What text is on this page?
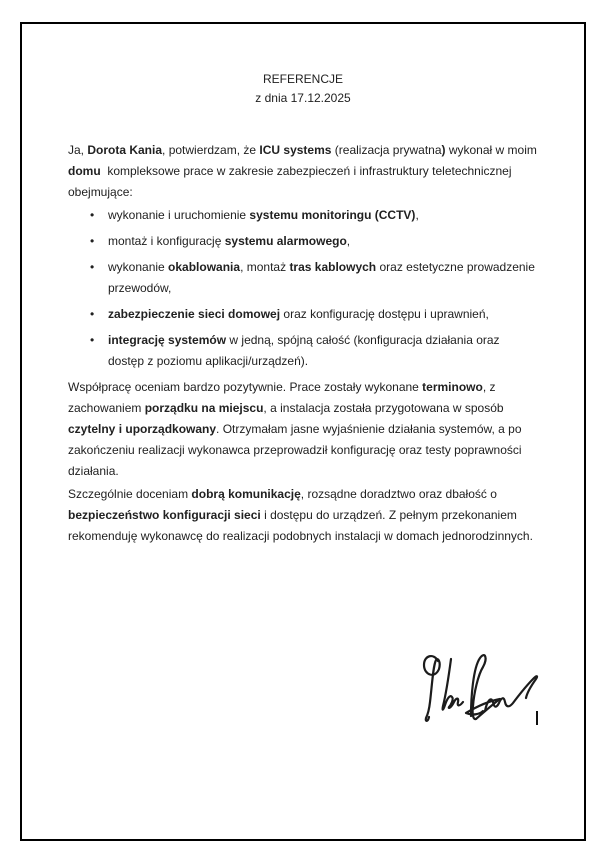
REFERENCJE
z dnia 17.12.2025

Ja, Dorota Kania, potwierdzam, że ICU systems (realizacja prywatna) wykonał w moim domu  kompleksowe prace w zakresie zabezpieczeń i infrastruktury teletechnicznej obejmujące:

• wykonanie i uruchomienie systemu monitoringu (CCTV),
• montaż i konfigurację systemu alarmowego,
• wykonanie okablowania, montaż tras kablowych oraz estetyczne prowadzenie przewodów,
• zabezpieczenie sieci domowej oraz konfigurację dostępu i uprawnień,
• integrację systemów w jedną, spójną całość (konfiguracja działania oraz dostęp z poziomu aplikacji/urządzeń).

Współpracę oceniam bardzo pozytywnie. Prace zostały wykonane terminowo, z zachowaniem porządku na miejscu, a instalacja została przygotowana w sposób czytelny i uporządkowany. Otrzymałam jasne wyjaśnienie działania systemów, a po zakończeniu realizacji wykonawca przeprowadził konfigurację oraz testy poprawności działania.

Szczególnie doceniam dobrą komunikację, rozsądne doradztwo oraz dbałość o bezpieczeństwo konfiguracji sieci i dostępu do urządzeń. Z pełnym przekonaniem rekomenduję wykonawcę do realizacji podobnych instalacji w domach jednorodzinnych.
